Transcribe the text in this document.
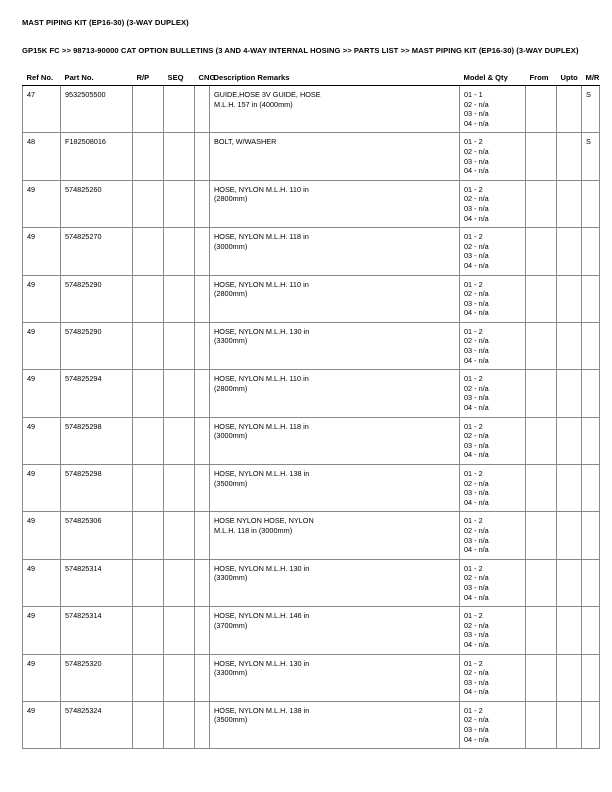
MAST PIPING KIT (EP16-30) (3-WAY DUPLEX)

GP15K FC >> 98713-90000 CAT OPTION BULLETINS (3 AND 4-WAY INTERNAL HOSING >> PARTS LIST >> MAST PIPING KIT (EP16-30) (3-WAY DUPLEX)

Ref No.	Part No.	R/P	SEQ	CNG	Description Remarks	Model & Qty	From	Upto	M/R

47	9532505500				GUIDE,HOSE 3V GUIDE, HOSE
M.L.H. 157 in (4000mm)	01 - 1
02 - n/a
03 - n/a
04 - n/a			S
48	F182508016				BOLT, W/WASHER	01 - 2
02 - n/a
03 - n/a
04 - n/a			S
49	574825260				HOSE, NYLON M.L.H. 110 in
(2800mm)	01 - 2
02 - n/a
03 - n/a
04 - n/a			

49	574825270				HOSE, NYLON M.L.H. 118 in
(3000mm)	01 - 2
02 - n/a
03 - n/a
04 - n/a			

49	574825290				HOSE, NYLON M.L.H. 110 in
(2800mm)	01 - 2
02 - n/a
03 - n/a
04 - n/a			

49	574825290				HOSE, NYLON M.L.H. 130 in
(3300mm)	01 - 2
02 - n/a
03 - n/a
04 - n/a			

49	574825294				HOSE, NYLON M.L.H. 110 in
(2800mm)	01 - 2
02 - n/a
03 - n/a
04 - n/a			

49	574825298				HOSE, NYLON M.L.H. 118 in
(3000mm)	01 - 2
02 - n/a
03 - n/a
04 - n/a			

49	574825298				HOSE, NYLON M.L.H. 138 in
(3500mm)	01 - 2
02 - n/a
03 - n/a
04 - n/a			

49	574825306				HOSE NYLON HOSE, NYLON
M.L.H. 118 in (3000mm)	01 - 2
02 - n/a
03 - n/a
04 - n/a			

49	574825314				HOSE, NYLON M.L.H. 130 in
(3300mm)	01 - 2
02 - n/a
03 - n/a
04 - n/a			

49	574825314				HOSE, NYLON M.L.H. 146 in
(3700mm)	01 - 2
02 - n/a
03 - n/a
04 - n/a			

49	574825320				HOSE, NYLON M.L.H. 130 in
(3300mm)	01 - 2
02 - n/a
03 - n/a
04 - n/a			

49	574825324				HOSE, NYLON M.L.H. 138 in
(3500mm)	01 - 2
02 - n/a
03 - n/a
04 - n/a			
